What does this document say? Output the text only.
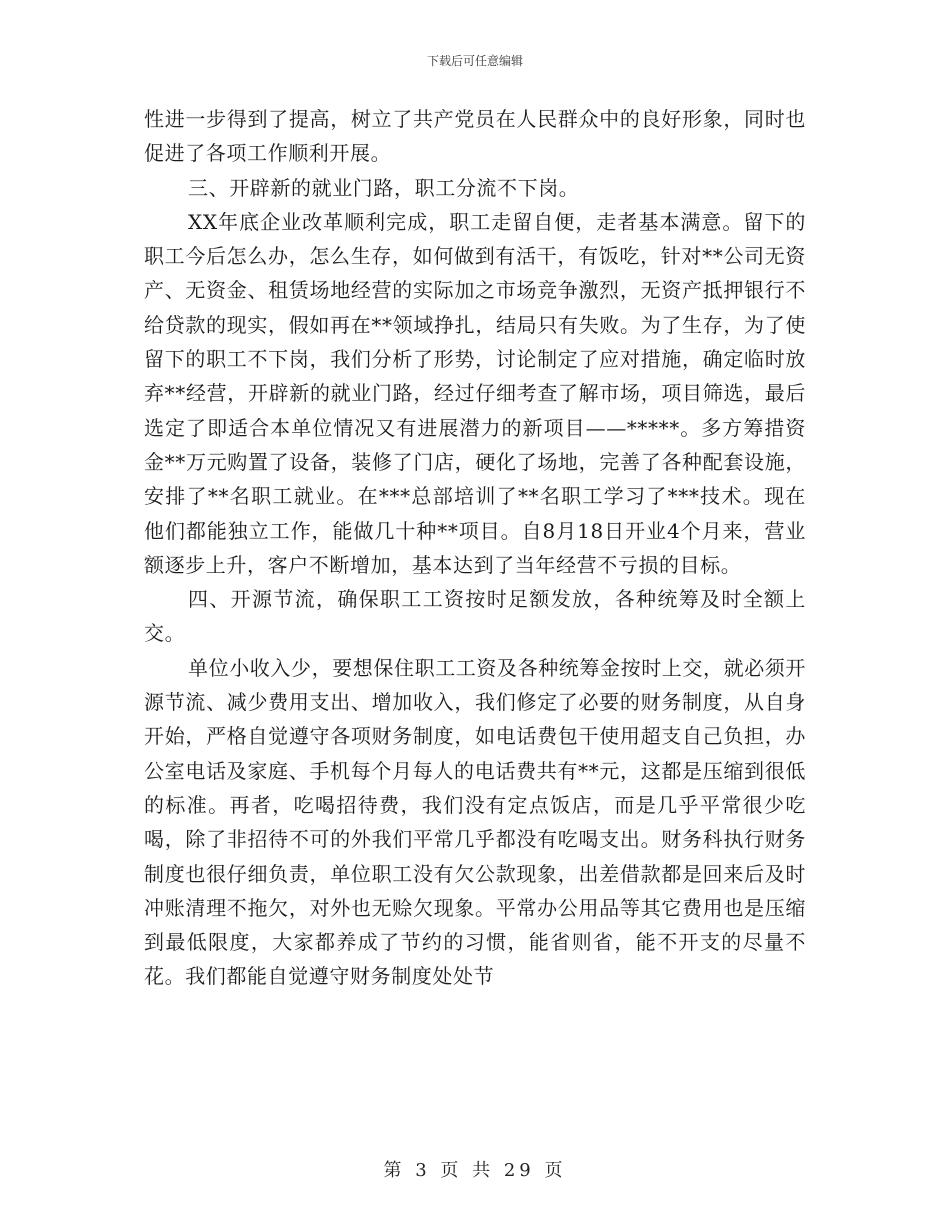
下载后可任意编辑

性进一步得到了提高，树立了共产党员在人民群众中的良好形象，同时也促进了各项工作顺利开展。

三、开辟新的就业门路，职工分流不下岗。

XX年底企业改革顺利完成，职工走留自便，走者基本满意。留下的职工今后怎么办，怎么生存，如何做到有活干，有饭吃，针对**公司无资产、无资金、租赁场地经营的实际加之市场竞争激烈，无资产抵押银行不给贷款的现实，假如再在**领域挣扎，结局只有失败。为了生存，为了使留下的职工不下岗，我们分析了形势，讨论制定了应对措施，确定临时放弃**经营，开辟新的就业门路，经过仔细考查了解市场，项目筛选，最后选定了即适合本单位情况又有进展潜力的新项目——*****。多方筹措资金**万元购置了设备，装修了门店，硬化了场地，完善了各种配套设施，安排了**名职工就业。在***总部培训了**名职工学习了***技术。现在他们都能独立工作，能做几十种**项目。自8月18日开业4个月来，营业额逐步上升，客户不断增加，基本达到了当年经营不亏损的目标。

四、开源节流，确保职工工资按时足额发放，各种统筹及时全额上交。

单位小收入少，要想保住职工工资及各种统筹金按时上交，就必须开源节流、减少费用支出、增加收入，我们修定了必要的财务制度，从自身开始，严格自觉遵守各项财务制度，如电话费包干使用超支自己负担，办公室电话及家庭、手机每个月每人的电话费共有**元，这都是压缩到很低的标准。再者，吃喝招待费，我们没有定点饭店，而是几乎平常很少吃喝，除了非招待不可的外我们平常几乎都没有吃喝支出。财务科执行财务制度也很仔细负责，单位职工没有欠公款现象，出差借款都是回来后及时冲账清理不拖欠，对外也无赊欠现象。平常办公用品等其它费用也是压缩到最低限度，大家都养成了节约的习惯，能省则省，能不开支的尽量不花。我们都能自觉遵守财务制度处处节

第 3 页 共 29 页
